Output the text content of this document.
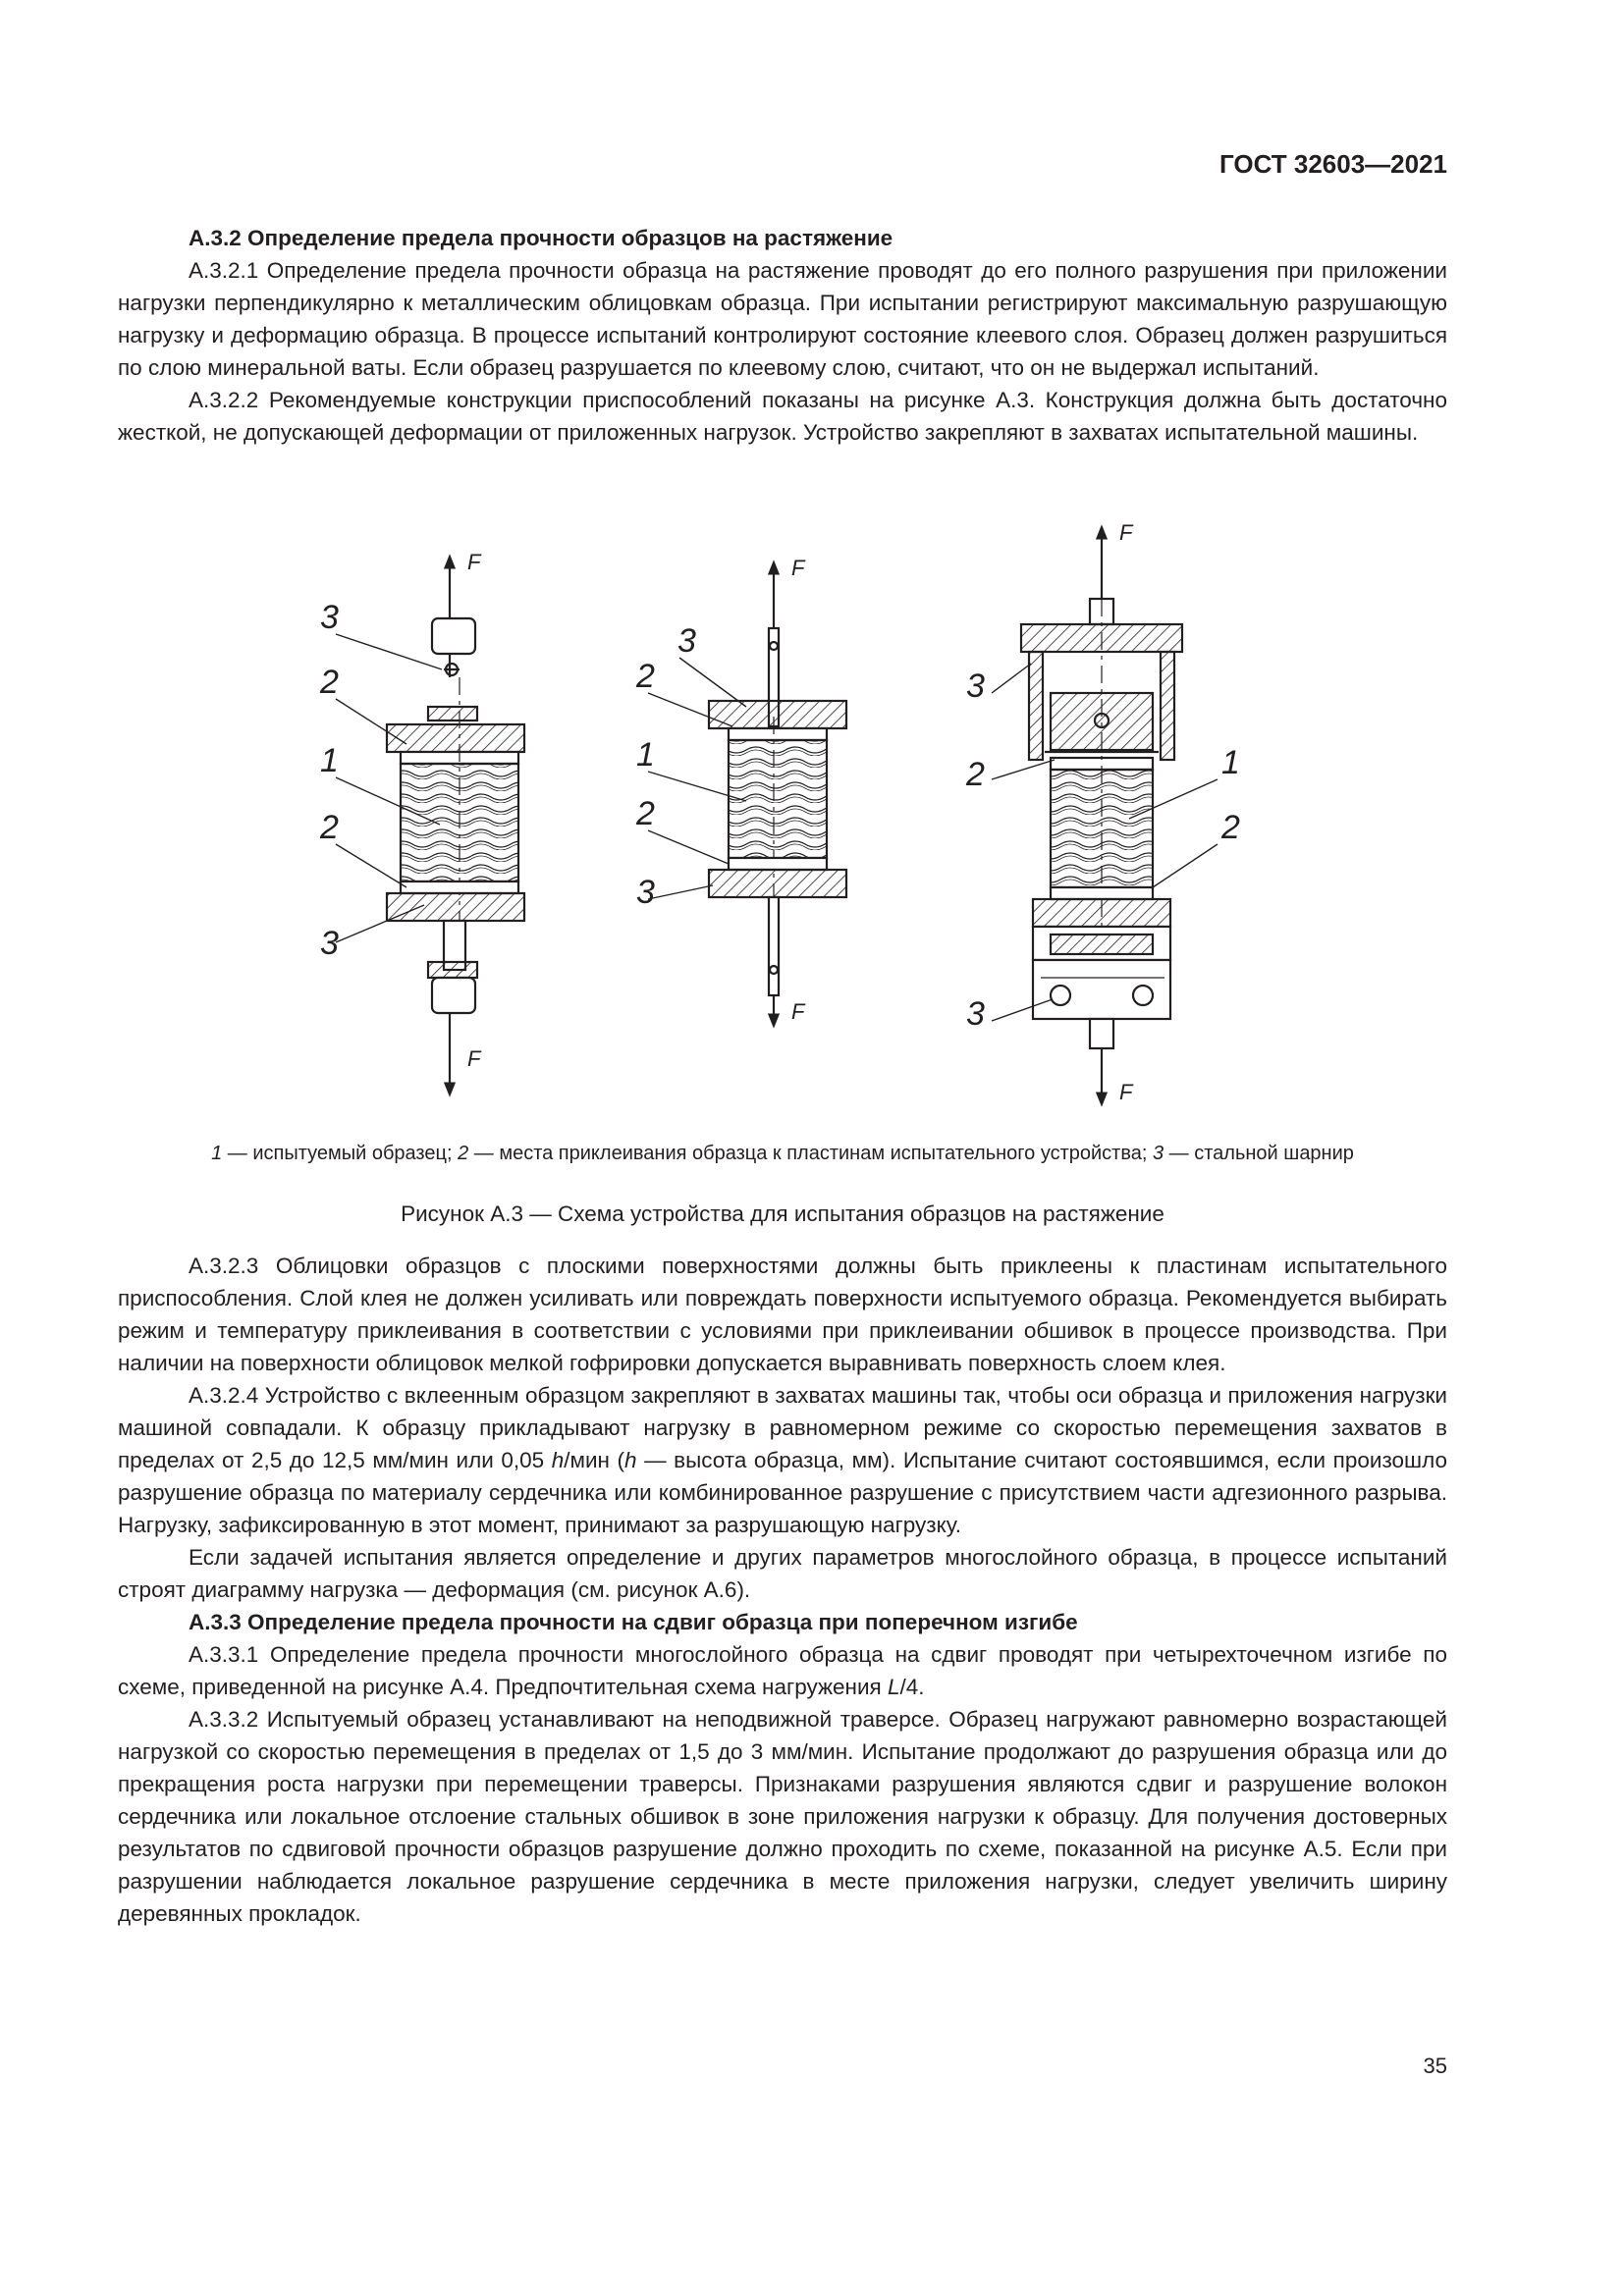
ГОСТ 32603—2021
А.3.2 Определение предела прочности образцов на растяжение

А.3.2.1 Определение предела прочности образца на растяжение проводят до его полного разрушения при приложении нагрузки перпендикулярно к металлическим облицовкам образца. При испытании регистрируют максимальную разрушающую нагрузку и деформацию образца. В процессе испытаний контролируют состояние клеевого слоя. Образец должен разрушиться по слою минеральной ваты. Если образец разрушается по клеевому слою, считают, что он не выдержал испытаний.

А.3.2.2 Рекомендуемые конструкции приспособлений показаны на рисунке А.3. Конструкция должна быть достаточно жесткой, не допускающей деформации от приложенных нагрузок. Устройство закрепляют в захватах испытательной машины.

F
F
F
F
F
F
3
2
1
2
3
3
2
1
2
3
3
2	1
2
3
1 — испытуемый образец; 2 — места приклеивания образца к пластинам испытательного устройства; 3 — стальной шарнир
Рисунок А.3 — Схема устройства для испытания образцов на растяжение

А.3.2.3 Облицовки образцов с плоскими поверхностями должны быть приклеены к пластинам испытательного приспособления. Слой клея не должен усиливать или повреждать поверхности испытуемого образца. Рекомендуется выбирать режим и температуру приклеивания в соответствии с условиями при приклеивании обшивок в процессе производства. При наличии на поверхности облицовок мелкой гофрировки допускается выравнивать поверхность слоем клея.

А.3.2.4 Устройство с вклеенным образцом закрепляют в захватах машины так, чтобы оси образца и приложения нагрузки машиной совпадали. К образцу прикладывают нагрузку в равномерном режиме со скоростью перемещения захватов в пределах от 2,5 до 12,5 мм/мин или 0,05 h/мин (h — высота образца, мм). Испытание считают состоявшимся, если произошло разрушение образца по материалу сердечника или комбинированное разрушение с присутствием части адгезионного разрыва. Нагрузку, зафиксированную в этот момент, принимают за разрушающую нагрузку.

Если задачей испытания является определение и других параметров многослойного образца, в процессе испытаний строят диаграмму нагрузка — деформация (см. рисунок А.6).

А.3.3 Определение предела прочности на сдвиг образца при поперечном изгибе

А.3.3.1 Определение предела прочности многослойного образца на сдвиг проводят при четырехточечном изгибе по схеме, приведенной на рисунке А.4. Предпочтительная схема нагружения L/4.

А.3.3.2 Испытуемый образец устанавливают на неподвижной траверсе. Образец нагружают равномерно возрастающей нагрузкой со скоростью перемещения в пределах от 1,5 до 3 мм/мин. Испытание продолжают до разрушения образца или до прекращения роста нагрузки при перемещении траверсы. Признаками разрушения являются сдвиг и разрушение волокон сердечника или локальное отслоение стальных обшивок в зоне приложения нагрузки к образцу. Для получения достоверных результатов по сдвиговой прочности образцов разрушение должно проходить по схеме, показанной на рисунке А.5. Если при разрушении наблюдается локальное разрушение сердечника в месте приложения нагрузки, следует увеличить ширину деревянных прокладок.

35
